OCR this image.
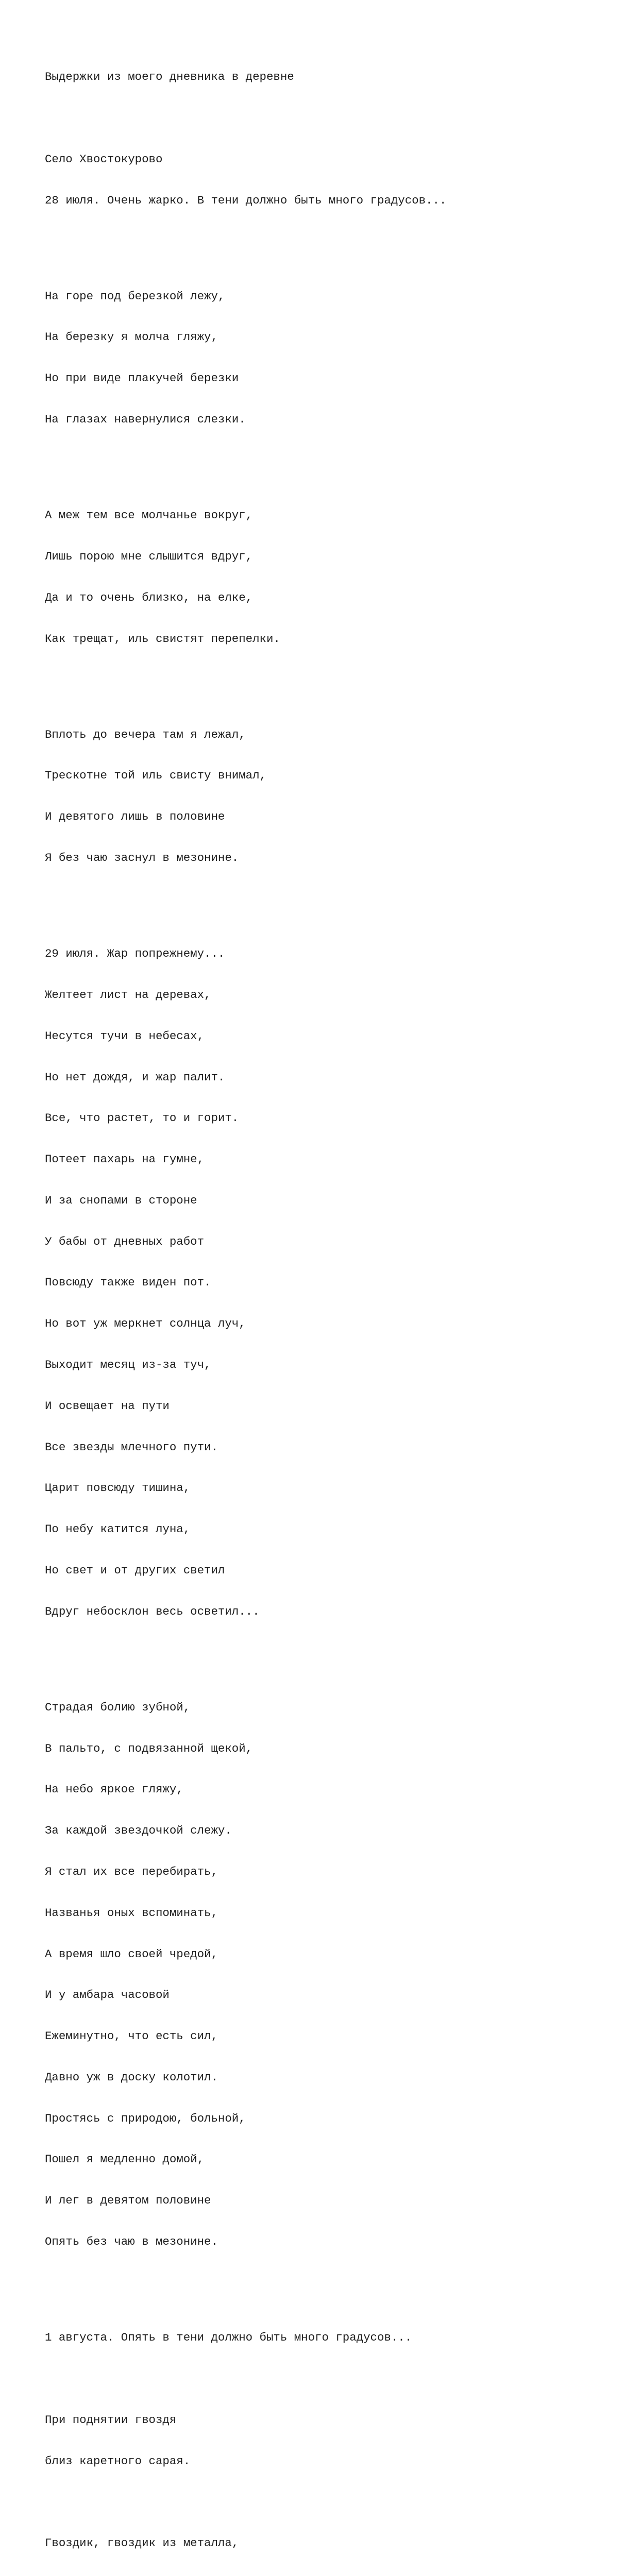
Выдержки из моего дневника в деревне

Село Хвостокурово

28 июля. Очень жарко. В тени должно быть много градусов...

На горе под березкой лежу,

На березку я молча гляжу,

Но при виде плакучей березки

На глазах навернулися слезки.

А меж тем все молчанье вокруг,

Лишь порою мне слышится вдруг,

Да и то очень близко, на елке,

Как трещат, иль свистят перепелки.

Вплоть до вечера там я лежал,

Трескотне той иль свисту внимал,

И девятого лишь в половине

Я без чаю заснул в мезонине.

29 июля. Жар попрежнему...

Желтеет лист на деревах,

Несутся тучи в небесах,

Но нет дождя, и жар палит.

Все, что растет, то и горит.

Потеет пахарь на гумне,

И за снопами в стороне

У бабы от дневных работ

Повсюду также виден пот.

Но вот уж меркнет солнца луч,

Выходит месяц из-за туч,

И освещает на пути

Все звезды млечного пути.

Царит повсюду тишина,

По небу катится луна,

Но свет и от других светил

Вдруг небосклон весь осветил...

Страдая болию зубной,

В пальто, с подвязанной щекой,

На небо яркое гляжу,

За каждой звездочкой слежу.

Я стал их все перебирать,

Названья оных вспоминать,

А время шло своей чредой,

И у амбара часовой

Ежеминутно, что есть сил,

Давно уж в доску колотил.

Простясь с природою, больной,

Пошел я медленно домой,

И лег в девятом половине

Опять без чаю в мезонине.

1 августа. Опять в тени должно быть много градусов...

При поднятии гвоздя

близ каретного сарая.

Гвоздик, гвоздик из металла,
